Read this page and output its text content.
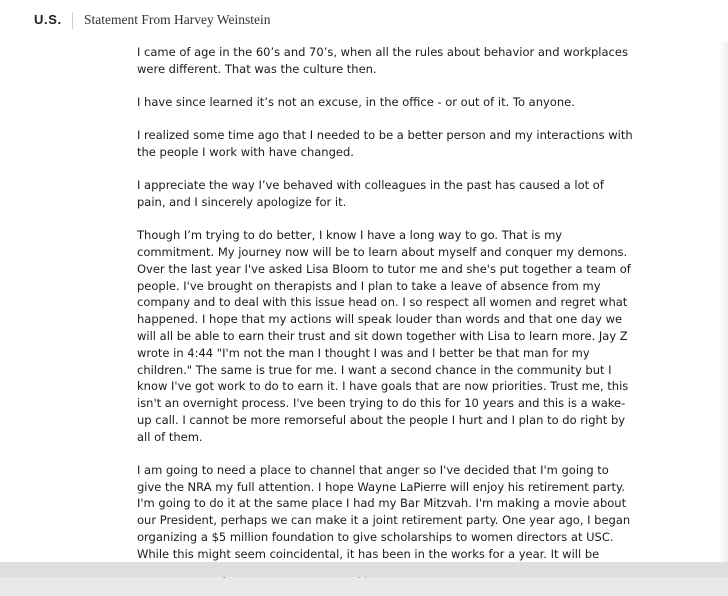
U.S. Statement From Harvey Weinstein

I came of age in the 60’s and 70’s, when all the rules about behavior and workplaces were different. That was the culture then.

I have since learned it’s not an excuse, in the office - or out of it. To anyone.

I realized some time ago that I needed to be a better person and my interactions with the people I work with have changed.

I appreciate the way I’ve behaved with colleagues in the past has caused a lot of pain, and I sincerely apologize for it.

Though I’m trying to do better, I know I have a long way to go. That is my commitment. My journey now will be to learn about myself and conquer my demons. Over the last year I've asked Lisa Bloom to tutor me and she's put together a team of people. I've brought on therapists and I plan to take a leave of absence from my company and to deal with this issue head on. I so respect all women and regret what happened. I hope that my actions will speak louder than words and that one day we will all be able to earn their trust and sit down together with Lisa to learn more. Jay Z wrote in 4:44 "I'm not the man I thought I was and I better be that man for my children." The same is true for me. I want a second chance in the community but I know I've got work to do to earn it. I have goals that are now priorities. Trust me, this isn't an overnight process. I've been trying to do this for 10 years and this is a wake-up call. I cannot be more remorseful about the people I hurt and I plan to do right by all of them.

I am going to need a place to channel that anger so I've decided that I'm going to give the NRA my full attention. I hope Wayne LaPierre will enjoy his retirement party. I'm going to do it at the same place I had my Bar Mitzvah. I'm making a movie about our President, perhaps we can make it a joint retirement party. One year ago, I began organizing a $5 million foundation to give scholarships to women directors at USC. While this might seem coincidental, it has been in the works for a year. It will be
